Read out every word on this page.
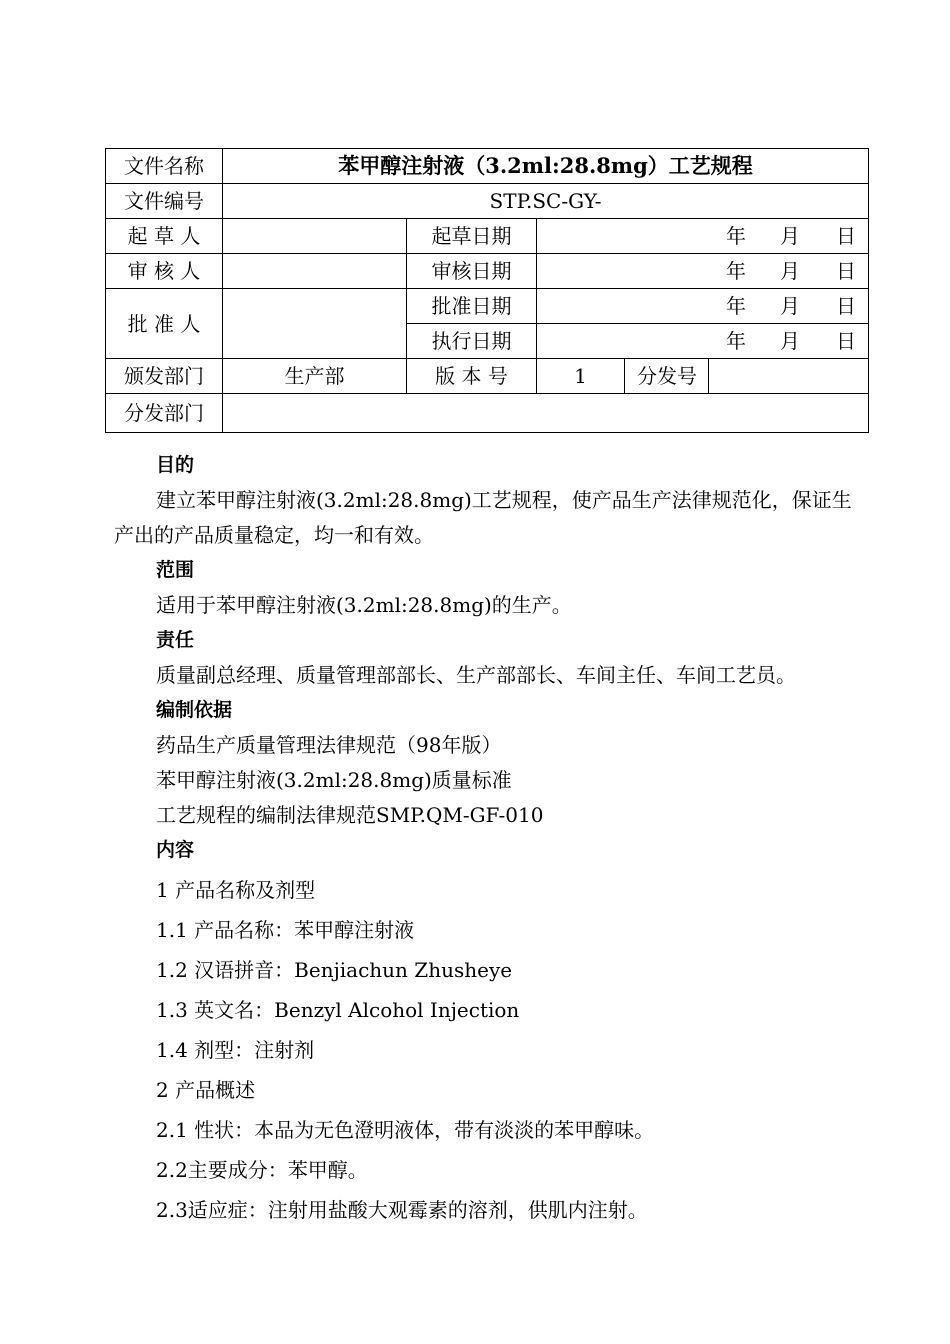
文件名称	苯甲醇注射液（3.2ml:28.8mg）工艺规程				
文件编号	STP.SC-GY-				
起 草 人		起草日期	年 月 日		

审 核 人		审核日期	年 月 日		

批 准 人		批准日期	年 月 日		

		执行日期	年 月 日		

颁发部门	生产部	版 本 号	1	分发号	
分发部门					
目的
建立苯甲醇注射液(3.2ml:28.8mg)工艺规程，使产品生产法律规范化，保证生产出的产品质量稳定，均一和有效。
范围
适用于苯甲醇注射液(3.2ml:28.8mg)的生产。
责任
质量副总经理、质量管理部部长、生产部部长、车间主任、车间工艺员。
编制依据
药品生产质量管理法律规范（98年版）
苯甲醇注射液(3.2ml:28.8mg)质量标准
工艺规程的编制法律规范SMP.QM-GF-010
内容
1 产品名称及剂型
1.1 产品名称：苯甲醇注射液
1.2 汉语拼音：Benjiachun Zhusheye
1.3 英文名：Benzyl Alcohol Injection
1.4 剂型：注射剂
2 产品概述
2.1 性状：本品为无色澄明液体，带有淡淡的苯甲醇味。
2.2主要成分：苯甲醇。
2.3适应症：注射用盐酸大观霉素的溶剂，供肌内注射。
